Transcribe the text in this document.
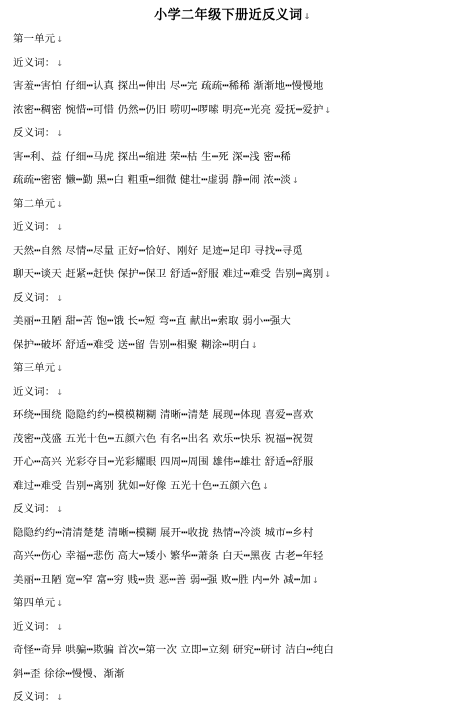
小学二年级下册近反义词↓
第一单元↓
近义词：↓
害羞┅害怕 仔细┅认真 探出┅伸出 尽┅完 疏疏┅稀稀 渐渐地┅慢慢地
浓密┅稠密 惋惜┅可惜 仍然┅仍旧 唠叨┅啰嗦 明亮┅光亮 爱抚┅爱护↓
反义词：↓
害┅利、益 仔细┅马虎 探出┅缩进 荣┅枯 生┅死 深┅浅 密┅稀
疏疏┅密密 懒┅勤 黑┅白 粗重┅细微 健壮┅虚弱 静┅闹 浓┅淡↓
第二单元↓
近义词：↓
天然┅自然 尽情┅尽量 正好┅恰好、刚好 足迹┅足印 寻找┅寻觅
聊天┅谈天 赶紧┅赶快 保护┅保卫 舒适┅舒服 难过┅难受 告别┅离别↓
反义词：↓
美丽┅丑陋 甜┅苦 饱┅饿 长┅短 弯┅直 献出┅索取 弱小┅强大
保护┅破坏 舒适┅难受 送┅留 告别┅相聚 糊涂┅明白↓
第三单元↓
近义词：↓
环绕┅围绕 隐隐约约┅模模糊糊 清晰┅清楚 展现┅体现 喜爱┅喜欢
茂密┅茂盛 五光十色┅五颜六色 有名┅出名 欢乐┅快乐 祝福┅祝贺
开心┅高兴 光彩夺目┅光彩耀眼 四周┅周围 雄伟┅雄壮 舒适┅舒服
难过┅难受 告别┅离别 犹如┅好像 五光十色┅五颜六色↓
反义词：↓
隐隐约约┅清清楚楚 清晰┅模糊 展开┅收拢 热情┅冷淡 城市┅乡村
高兴┅伤心 幸福┅悲伤 高大┅矮小 繁华┅萧条 白天┅黑夜 古老┅年轻
美丽┅丑陋 宽┅窄 富┅穷 贱┅贵 恶┅善 弱┅强 败┅胜 内┅外 减┅加↓
第四单元↓
近义词：↓
奇怪┅奇异 哄骗┅欺骗 首次┅第一次 立即┅立刻 研究┅研讨 洁白┅纯白
斜┅歪 徐徐┅慢慢、渐渐
反义词：↓
